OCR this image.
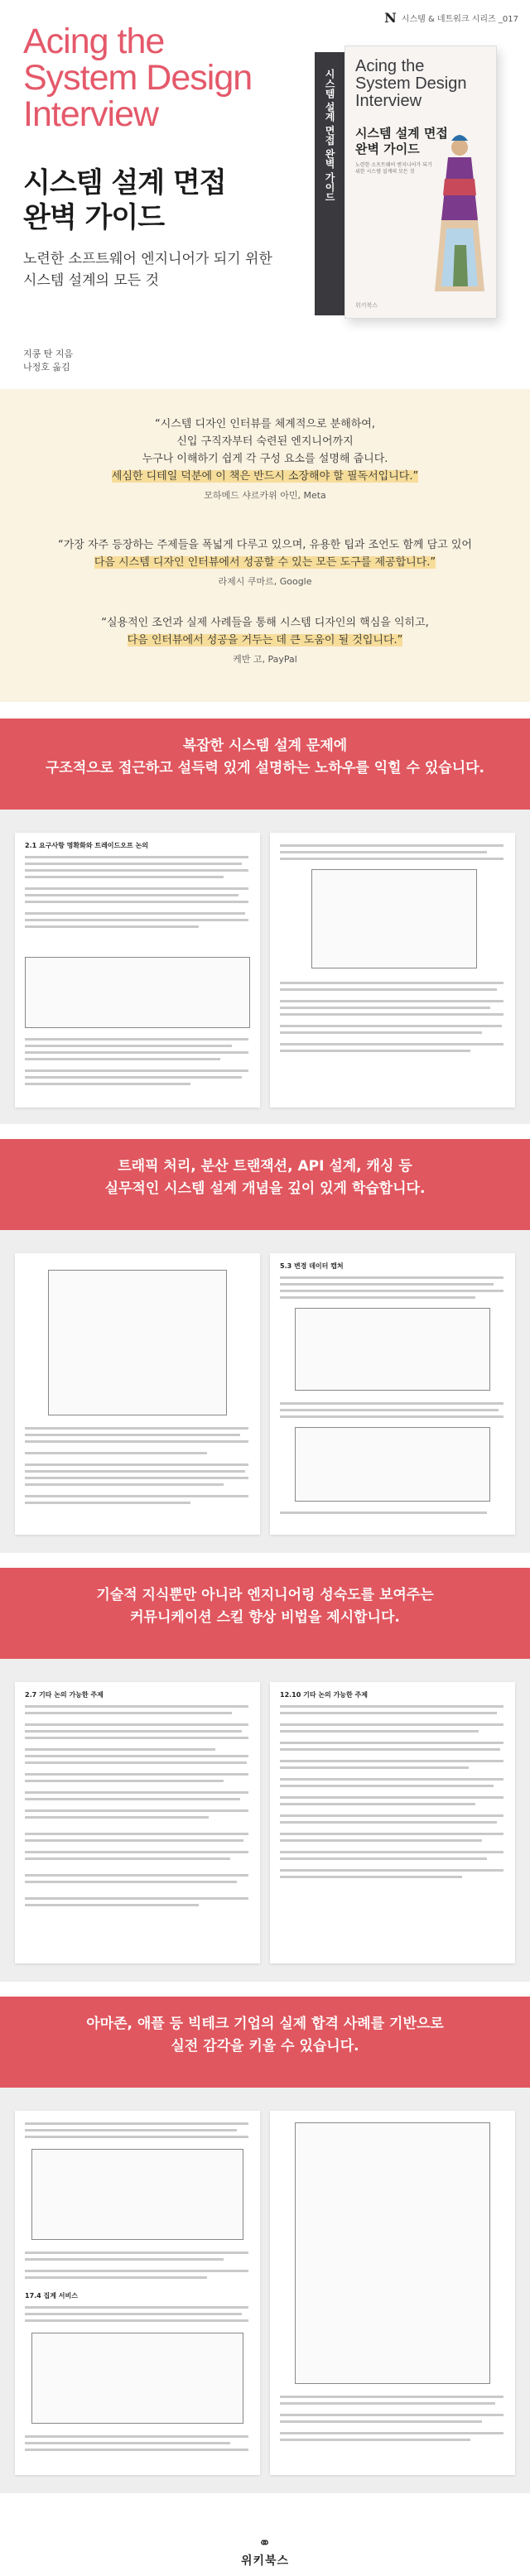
N 시스템 & 네트워크 시리즈 _017
Acing the
System Design
Interview
시스템 설계 면접
완벽 가이드
노련한 소프트웨어 엔지니어가 되기 위한
시스템 설계의 모든 것
지콩 탄 지음
나정호 옮김
시스템 설계 면접 완벽 가이드
Acing the
System Design
Interview
시스템 설계 면접
완벽 가이드
노련한 소프트웨어 엔지니어가 되기 위한 시스템 설계의 모든 것
위키북스
“시스템 디자인 인터뷰를 체계적으로 분해하여,
신입 구직자부터 숙련된 엔지니어까지
누구나 이해하기 쉽게 각 구성 요소를 설명해 줍니다.
세심한 디테일 덕분에 이 책은 반드시 소장해야 할 필독서입니다.”
모하메드 샤르카위 아민, Meta
“가장 자주 등장하는 주제들을 폭넓게 다루고 있으며, 유용한 팁과 조언도 함께 담고 있어
다음 시스템 디자인 인터뷰에서 성공할 수 있는 모든 도구를 제공합니다.”
라제시 쿠마르, Google
“실용적인 조언과 실제 사례들을 통해 시스템 디자인의 핵심을 익히고,
다음 인터뷰에서 성공을 거두는 데 큰 도움이 될 것입니다.”
케반 고, PayPal
복잡한 시스템 설계 문제에
구조적으로 접근하고 설득력 있게 설명하는 노하우를 익힐 수 있습니다.
2.1 요구사항 명확화와 트레이드오프 논의
트래픽 처리, 분산 트랜잭션, API 설계, 캐싱 등
실무적인 시스템 설계 개념을 깊이 있게 학습합니다.
5.3 변경 데이터 캡처
기술적 지식뿐만 아니라 엔지니어링 성숙도를 보여주는
커뮤니케이션 스킬 향상 비법을 제시합니다.
2.7 기타 논의 가능한 주제	12.10 기타 논의 가능한 주제
아마존, 애플 등 빅테크 기업의 실제 합격 사례를 기반으로
실전 감각을 키울 수 있습니다.
17.4 집계 서비스
⚭
위키북스
